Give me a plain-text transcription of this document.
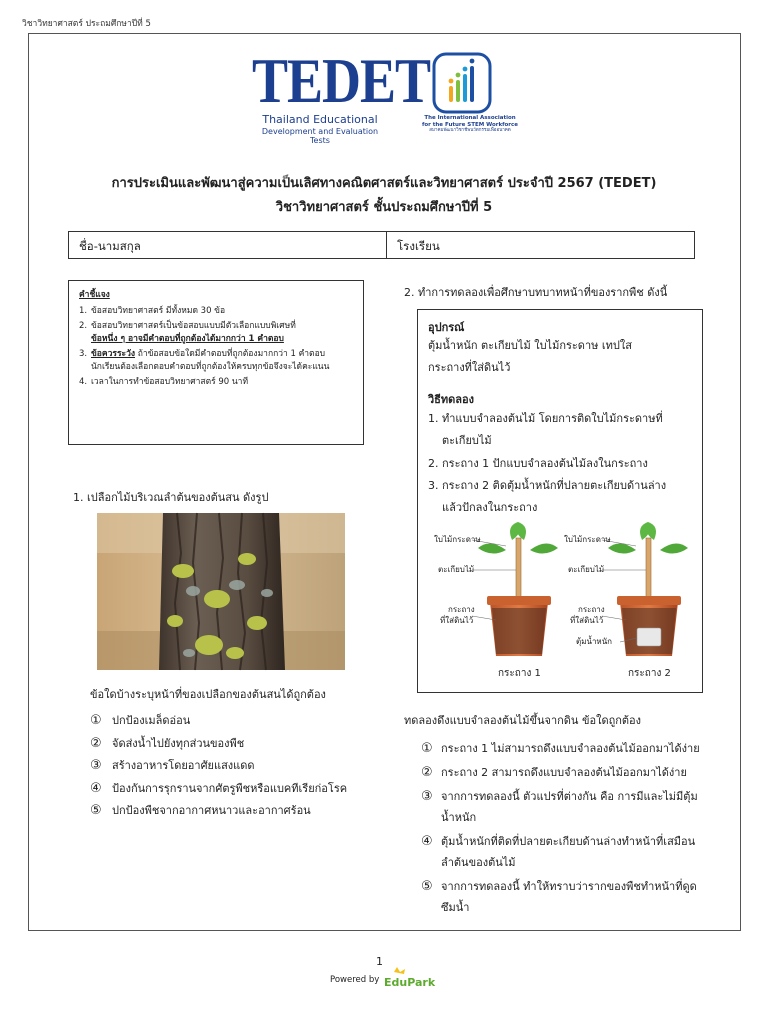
วิชาวิทยาศาสตร์ ประถมศึกษาปีที่ 5
TEDET
Thailand Educational
Development and Evaluation Tests
The International Association
for the Future STEM Workforce
สมาคมพัฒนาวิชาชีพนวัตกรรมเพื่ออนาคต
การประเมินและพัฒนาสู่ความเป็นเลิศทางคณิตศาสตร์และวิทยาศาสตร์ ประจำปี 2567 (TEDET)
วิชาวิทยาศาสตร์ ชั้นประถมศึกษาปีที่ 5
ชื่อ-นามสกุล	โรงเรียน
คำชี้แจง
1. ข้อสอบวิทยาศาสตร์ มีทั้งหมด 30 ข้อ
2. ข้อสอบวิทยาศาสตร์เป็นข้อสอบแบบมีตัวเลือกแบบพิเศษที่
ข้อหนึ่ง ๆ อาจมีคำตอบที่ถูกต้องได้มากกว่า 1 คำตอบ
3. ข้อควรระวัง ถ้าข้อสอบข้อใดมีคำตอบที่ถูกต้องมากกว่า 1 คำตอบ นักเรียนต้องเลือกตอบคำตอบที่ถูกต้องให้ครบทุกข้อจึงจะได้คะแนน
4. เวลาในการทำข้อสอบวิทยาศาสตร์ 90 นาที
1. เปลือกไม้บริเวณลำต้นของต้นสน ดังรูป
ข้อใดบ้างระบุหน้าที่ของเปลือกของต้นสนได้ถูกต้อง
① ปกป้องเมล็ดอ่อน
② จัดส่งน้ำไปยังทุกส่วนของพืช
③ สร้างอาหารโดยอาศัยแสงแดด
④ ป้องกันการรุกรานจากศัตรูพืชหรือแบคทีเรียก่อโรค
⑤ ปกป้องพืชจากอากาศหนาวและอากาศร้อน
2. ทำการทดลองเพื่อศึกษาบทบาทหน้าที่ของรากพืช ดังนี้
อุปกรณ์
ตุ้มน้ำหนัก ตะเกียบไม้ ใบไม้กระดาษ เทปใส
กระถางที่ใส่ดินไว้
วิธีทดลอง
1. ทำแบบจำลองต้นไม้ โดยการติดใบไม้กระดาษที่
ตะเกียบไม้
2. กระถาง 1 ปักแบบจำลองต้นไม้ลงในกระถาง
3. กระถาง 2 ติดตุ้มน้ำหนักที่ปลายตะเกียบด้านล่าง
แล้วปักลงในกระถาง
ใบไม้กระดาษ
ตะเกียบไม้
กระถาง
ที่ใส่ดินไว้
ใบไม้กระดาษ
ตะเกียบไม้
กระถาง
ที่ใส่ดินไว้
ตุ้มน้ำหนัก
กระถาง 1	กระถาง 2
ทดลองดึงแบบจำลองต้นไม้ขึ้นจากดิน ข้อใดถูกต้อง
① กระถาง 1 ไม่สามารถดึงแบบจำลองต้นไม้ออกมาได้ง่าย
② กระถาง 2 สามารถดึงแบบจำลองต้นไม้ออกมาได้ง่าย
③ จากการทดลองนี้ ตัวแปรที่ต่างกัน คือ การมีและไม่มีตุ้มน้ำหนัก
④ ตุ้มน้ำหนักที่ติดที่ปลายตะเกียบด้านล่างทำหน้าที่เสมือนลำต้นของต้นไม้
⑤ จากการทดลองนี้ ทำให้ทราบว่ารากของพืชทำหน้าที่ดูดซึมน้ำ
1
Powered by EduPark
